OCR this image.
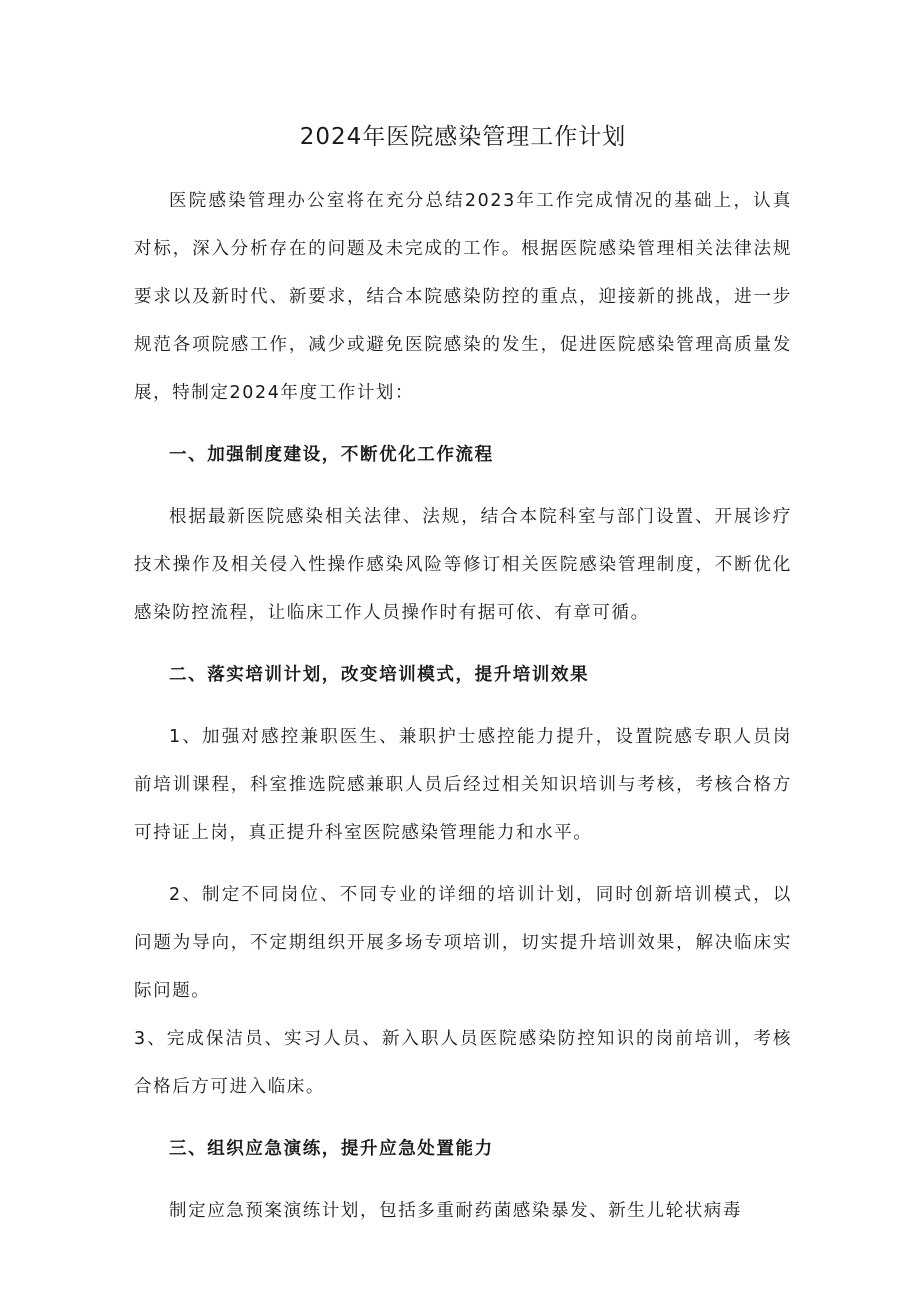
2024年医院感染管理工作计划

医院感染管理办公室将在充分总结2023年工作完成情况的基础上，认真对标，深入分析存在的问题及未完成的工作。根据医院感染管理相关法律法规要求以及新时代、新要求，结合本院感染防控的重点，迎接新的挑战，进一步规范各项院感工作，减少或避免医院感染的发生，促进医院感染管理高质量发展，特制定2024年度工作计划：

一、加强制度建设，不断优化工作流程

根据最新医院感染相关法律、法规，结合本院科室与部门设置、开展诊疗技术操作及相关侵入性操作感染风险等修订相关医院感染管理制度，不断优化感染防控流程，让临床工作人员操作时有据可依、有章可循。

二、落实培训计划，改变培训模式，提升培训效果

1、加强对感控兼职医生、兼职护士感控能力提升，设置院感专职人员岗前培训课程，科室推选院感兼职人员后经过相关知识培训与考核，考核合格方可持证上岗，真正提升科室医院感染管理能力和水平。

2、制定不同岗位、不同专业的详细的培训计划，同时创新培训模式，以问题为导向，不定期组织开展多场专项培训，切实提升培训效果，解决临床实际问题。

3、完成保洁员、实习人员、新入职人员医院感染防控知识的岗前培训，考核合格后方可进入临床。

三、组织应急演练，提升应急处置能力

制定应急预案演练计划，包括多重耐药菌感染暴发、新生儿轮状病毒
